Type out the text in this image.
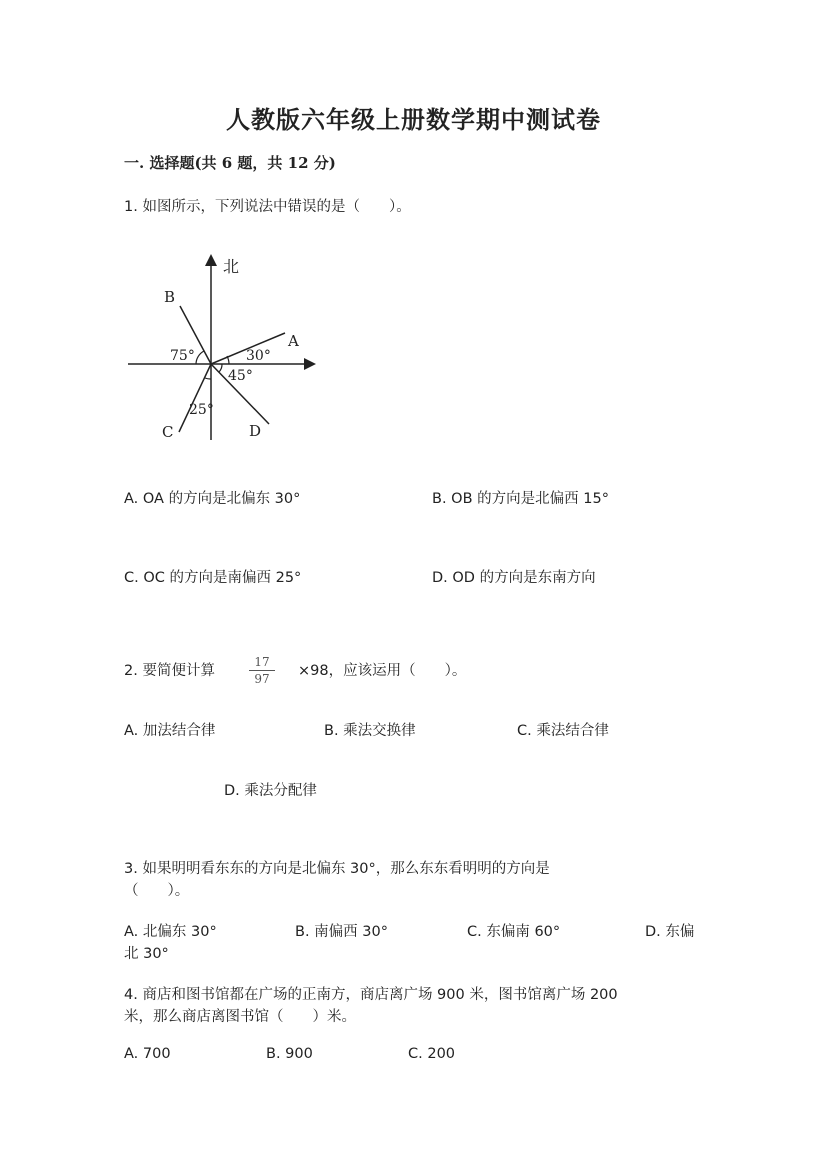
人教版六年级上册数学期中测试卷
一. 选择题(共 6 题，共 12 分)
1. 如图所示，下列说法中错误的是（　　）。
北
A
B
C	D
75°	30°
45°
25°
A. OA 的方向是北偏东 30°	B. OB 的方向是北偏西 15°
C. OC 的方向是南偏西 25°	D. OD 的方向是东南方向
2. 要简便计算
17
97	×98，应该运用（　　）。
A. 加法结合律	B. 乘法交换律	C. 乘法结合律
D. 乘法分配律
3. 如果明明看东东的方向是北偏东 30°，那么东东看明明的方向是
（　　）。
A. 北偏东 30°	B. 南偏西 30°	C. 东偏南 60°	D. 东偏
北 30°
4. 商店和图书馆都在广场的正南方，商店离广场 900 米，图书馆离广场 200
米，那么商店离图书馆（　　）米。
A. 700	B. 900	C. 200
